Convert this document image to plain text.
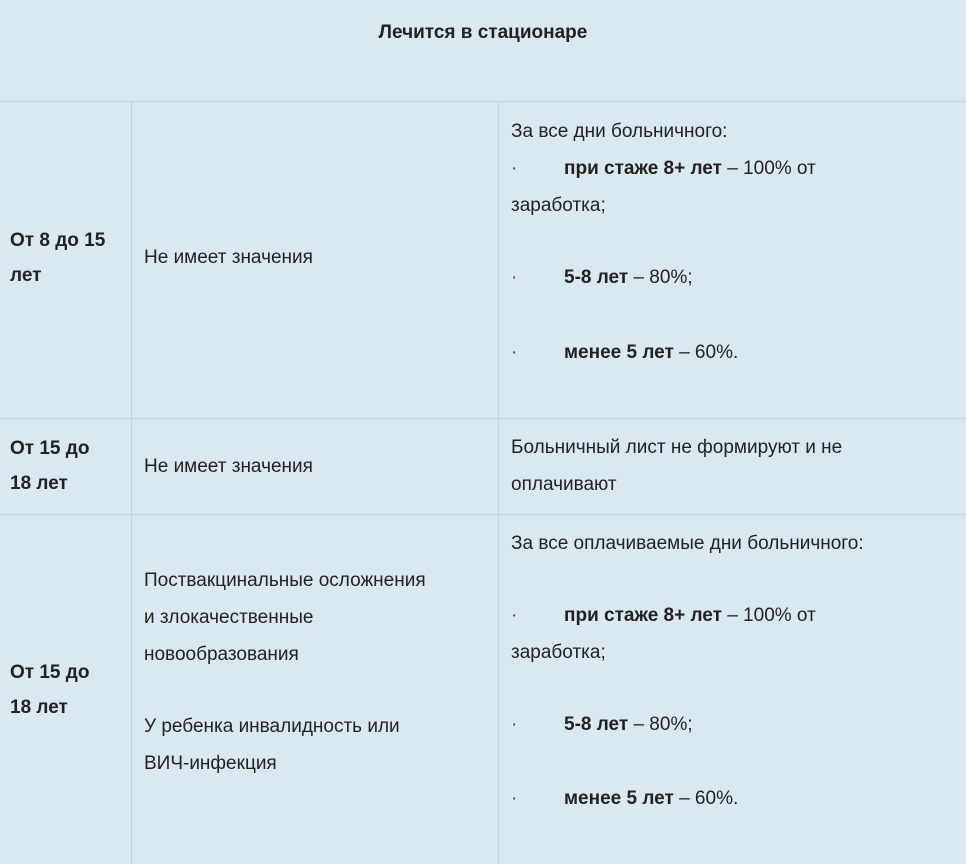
Лечится в стационаре
От 8 до 15
лет
Не имеет значения
За все дни больничного:
· при стаже 8+ лет – 100% от
заработка;
· 5-8 лет – 80%;
· менее 5 лет – 60%.
От 15 до
18 лет
Не имеет значения
Больничный лист не формируют и не
оплачивают
От 15 до
18 лет
Поствакцинальные осложнения
и злокачественные
новообразования
У ребенка инвалидность или
ВИЧ-инфекция
За все оплачиваемые дни больничного:
· при стаже 8+ лет – 100% от
заработка;
· 5-8 лет – 80%;
· менее 5 лет – 60%.
